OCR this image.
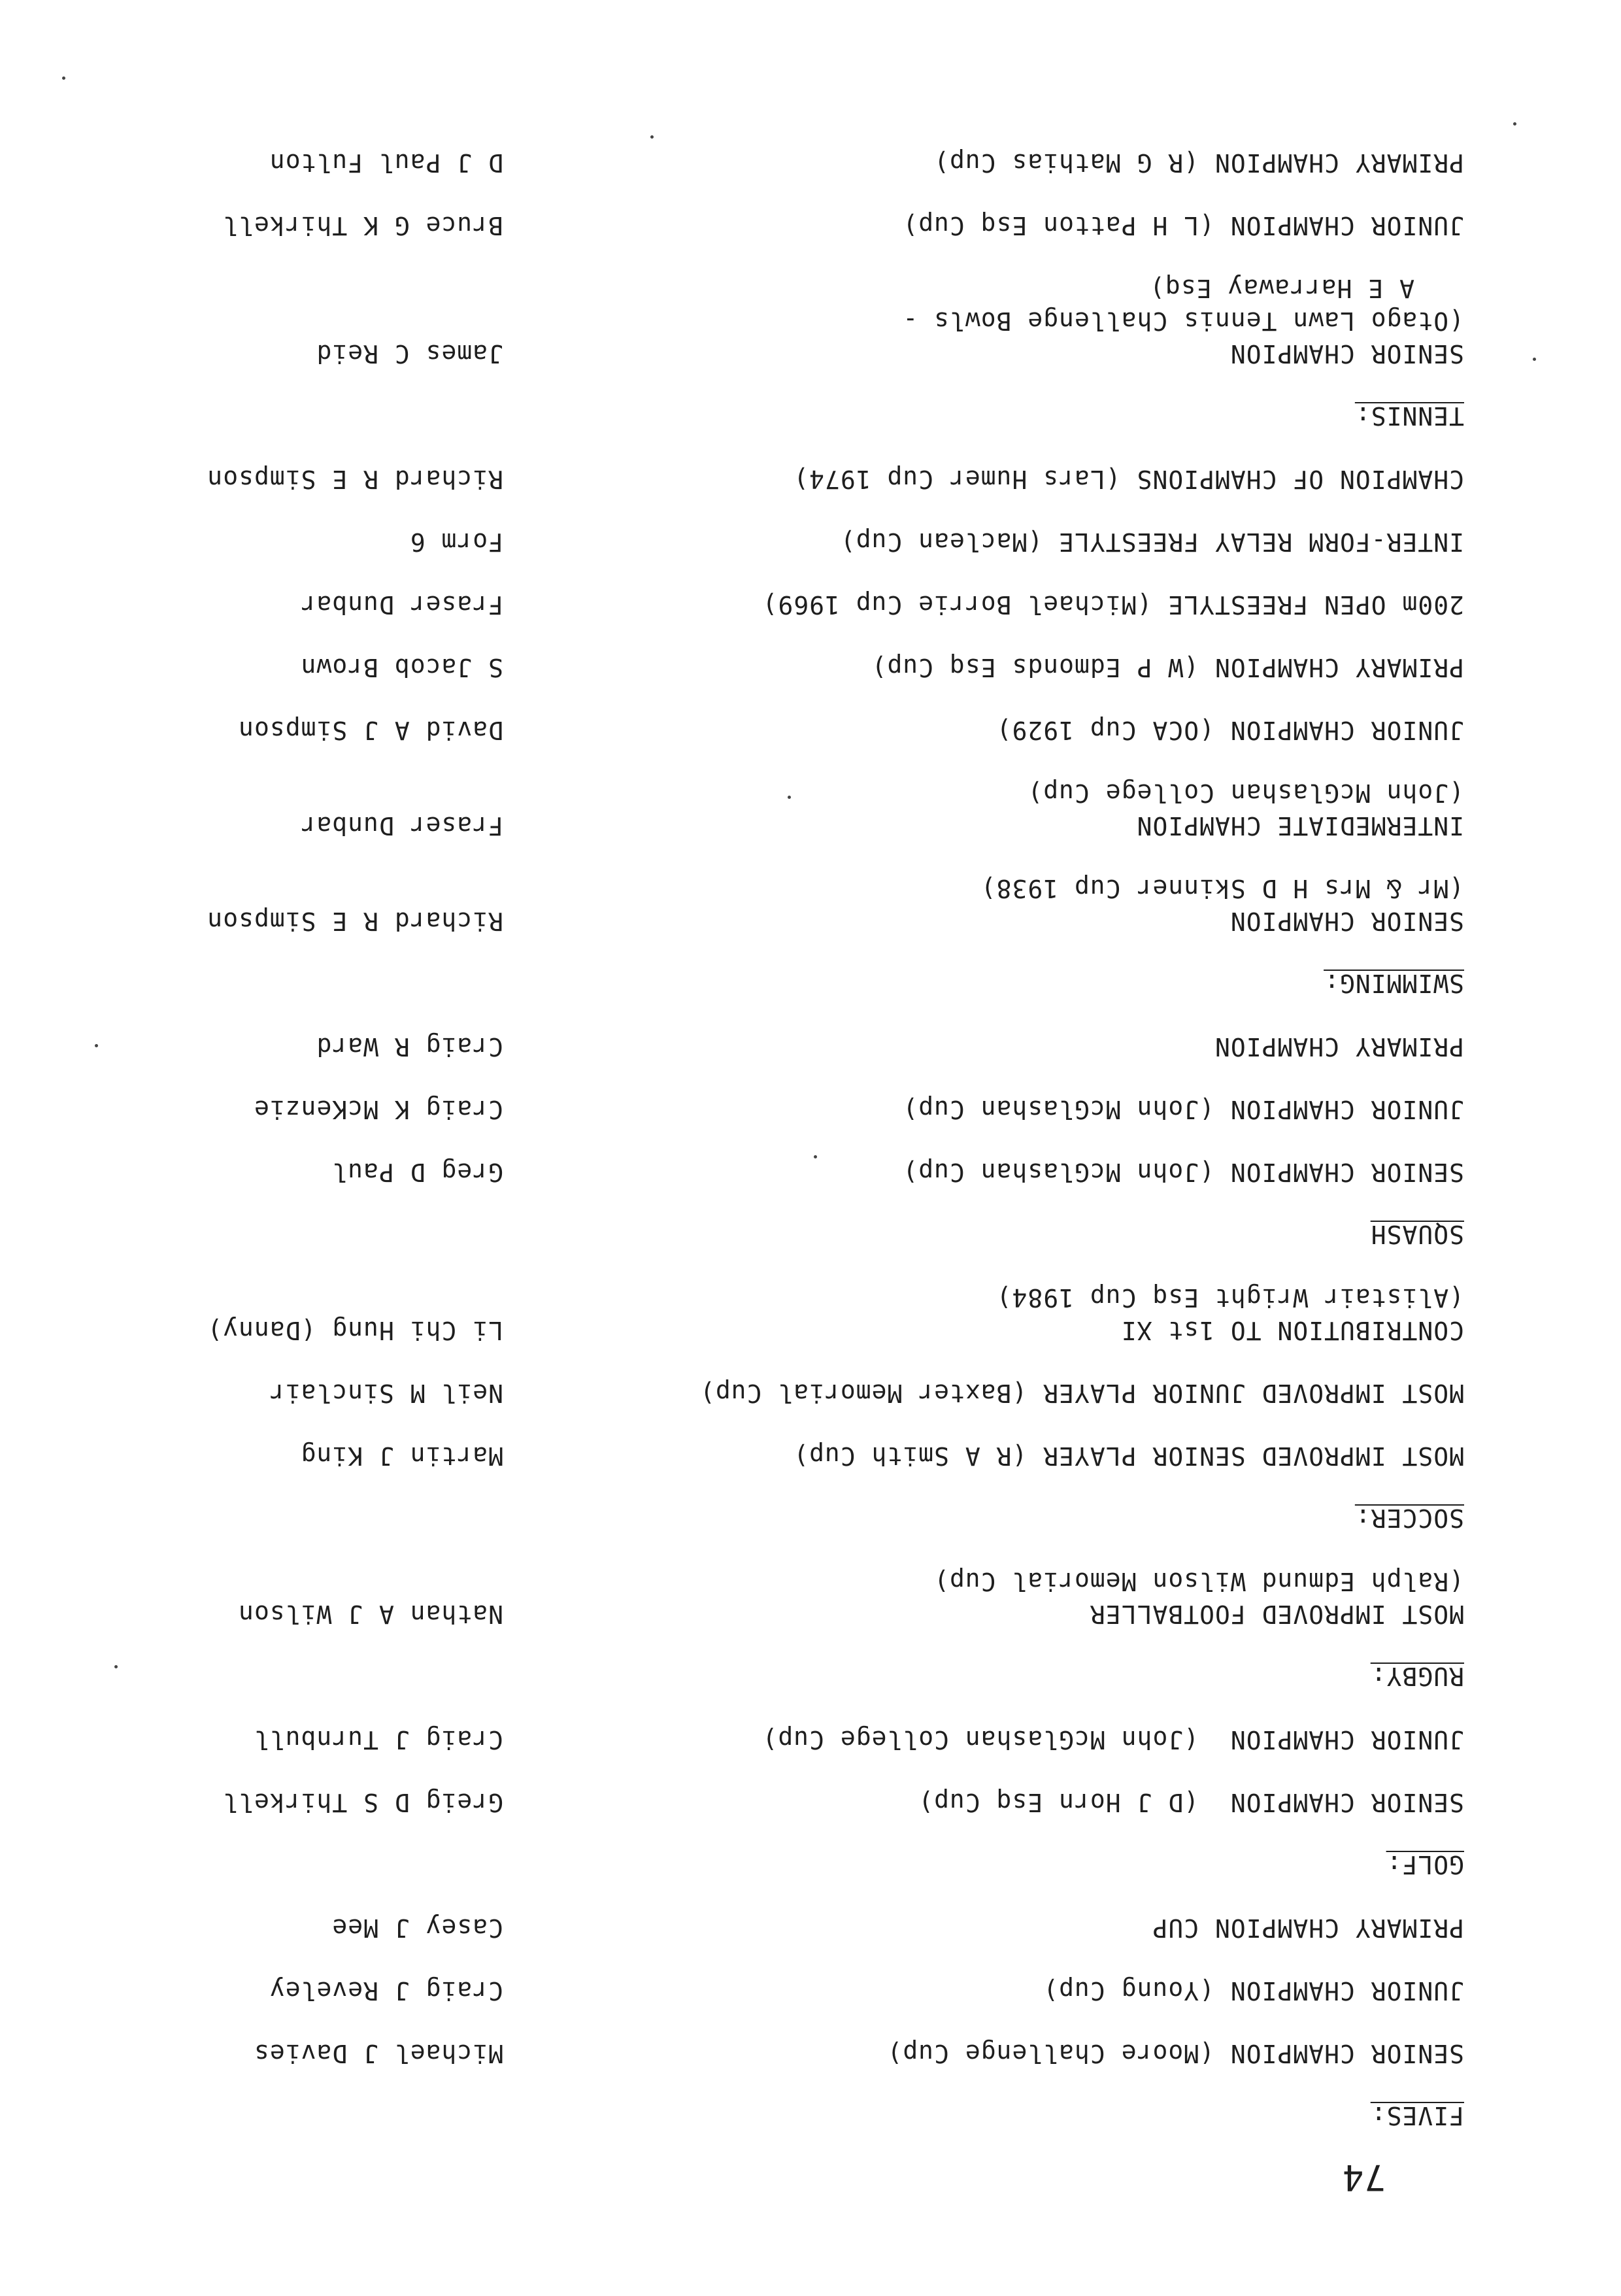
FIVES:
SENIOR CHAMPION (Moore Challenge Cup)
Michael J Davies
JUNIOR CHAMPION (Young Cup)
Craig J Reveley
PRIMARY CHAMPION CUP
Casey J Mee
GOLF:
SENIOR CHAMPION  (D J Horn Esq Cup)
Greig D S Thirkell
JUNIOR CHAMPION  (John McGlashan College Cup)
Craig J Turnbull
RUGBY:
MOST IMPROVED FOOTBALLER
(Ralph Edmund Wilson Memorial Cup)
Nathan A J Wilson
SOCCER:
MOST IMPROVED SENIOR PLAYER (R A Smith Cup)
Martin J King
MOST IMPROVED JUNIOR PLAYER (Baxter Memorial Cup)
Neil M Sinclair
CONTRIBUTION TO 1st XI
(Alistair Wright Esq Cup 1984)
Li Chi Hung (Danny)
SQUASH
SENIOR CHAMPION (John McGlashan Cup)
Greg D Paul
JUNIOR CHAMPION (John McGlashan Cup)
Craig K McKenzie
PRIMARY CHAMPION
Craig R Ward
SWIMMING:
SENIOR CHAMPION
(Mr & Mrs H D Skinner Cup 1938)
Richard R E Simpson
INTERMEDIATE CHAMPION
(John McGlashan College Cup)
Fraser Dunbar
JUNIOR CHAMPION (OCA Cup 1929)
David A J Simpson
PRIMARY CHAMPION (W P Edmonds Esq Cup)
S Jacob Brown
200m OPEN FREESTYLE (Michael Borrie Cup 1969)
Fraser Dunbar
INTER-FORM RELAY FREESTYLE (Maclean Cup)
Form 6
CHAMPION OF CHAMPIONS (Lars Humer Cup 1974)
Richard R E Simpson
TENNIS:
SENIOR CHAMPION
(Otago Lawn Tennis Challenge Bowls -
A E Harraway Esq)
James C Reid
JUNIOR CHAMPION (L H Patton Esq Cup)
Bruce G K Thirkell
PRIMARY CHAMPION (R G Mathias Cup)
D J Paul Fulton
74
